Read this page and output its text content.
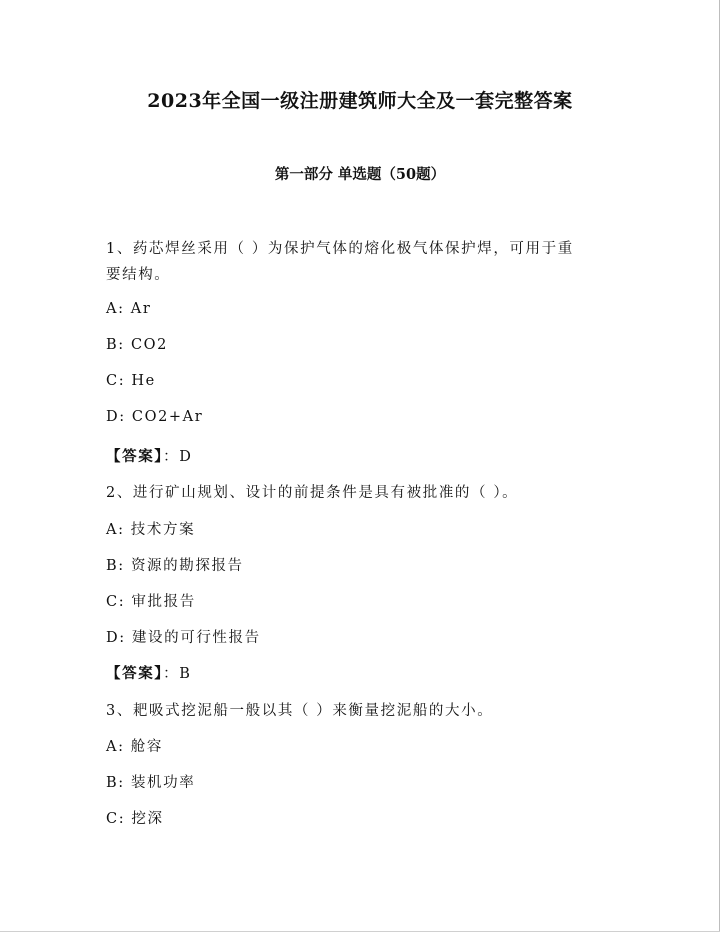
2023年全国一级注册建筑师大全及一套完整答案
第一部分 单选题（50题）
1、药芯焊丝采用（ ）为保护气体的熔化极气体保护焊，可用于重
要结构。
A: Ar
B: CO2
C: He
D: CO2+Ar
【答案】：D
2、进行矿山规划、设计的前提条件是具有被批准的（ ）。
A: 技术方案
B: 资源的勘探报告
C: 审批报告
D: 建设的可行性报告
【答案】：B
3、耙吸式挖泥船一般以其（ ）来衡量挖泥船的大小。
A: 舱容
B: 装机功率
C: 挖深
